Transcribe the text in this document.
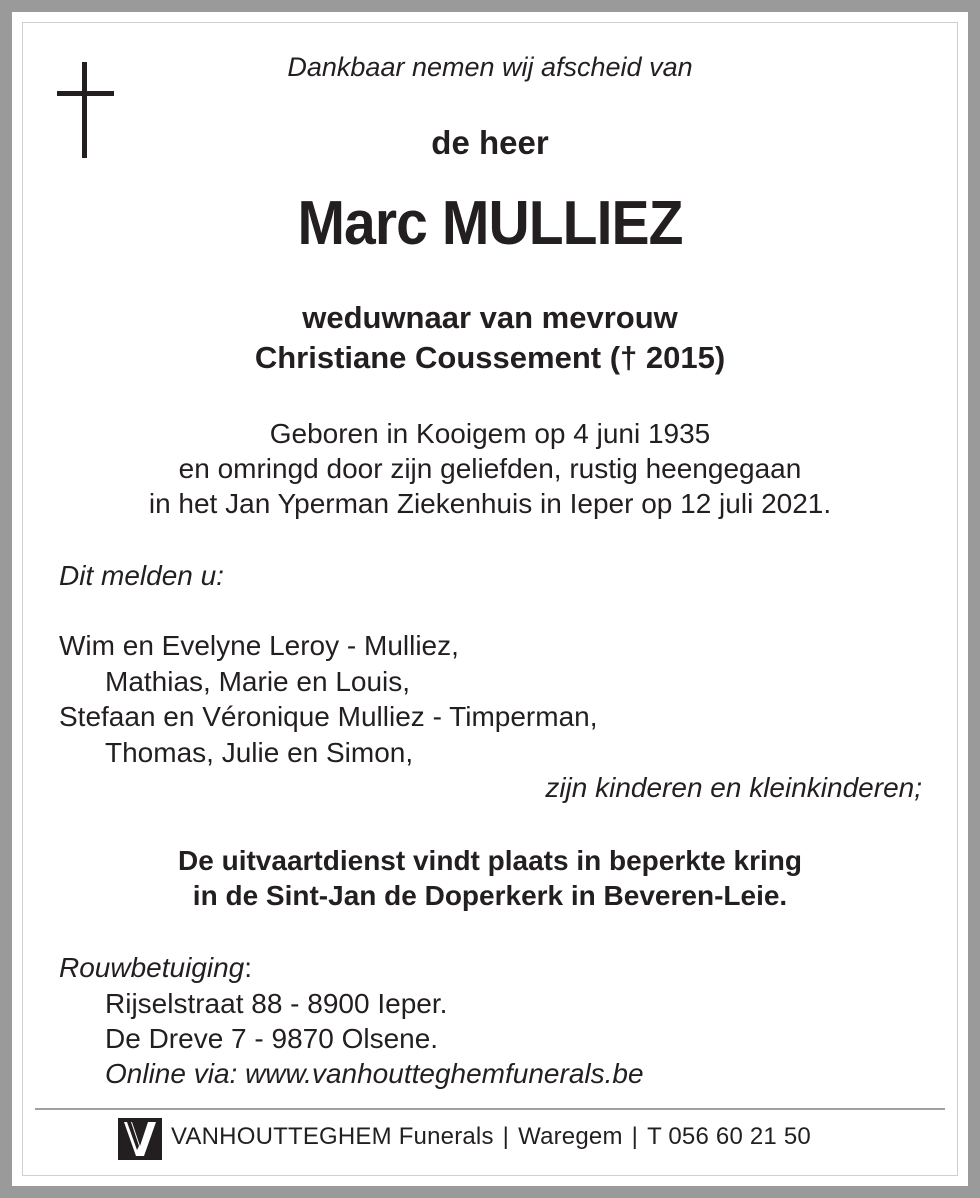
Dankbaar nemen wij afscheid van
de heer
Marc MULLIEZ
weduwnaar van mevrouw
Christiane Coussement († 2015)
Geboren in Kooigem op 4 juni 1935
en omringd door zijn geliefden, rustig heengegaan
in het Jan Yperman Ziekenhuis in Ieper op 12 juli 2021.
Dit melden u:
Wim en Evelyne Leroy - Mulliez,
Mathias, Marie en Louis,
Stefaan en Véronique Mulliez - Timperman,
Thomas, Julie en Simon,
zijn kinderen en kleinkinderen;
De uitvaartdienst vindt plaats in beperkte kring
in de Sint-Jan de Doperkerk in Beveren-Leie.
Rouwbetuiging:
Rijselstraat 88 - 8900 Ieper.
De Dreve 7 - 9870 Olsene.
Online via: www.vanhoutteghemfunerals.be
VANHOUTTEGHEM Funerals | Waregem | T 056 60 21 50
